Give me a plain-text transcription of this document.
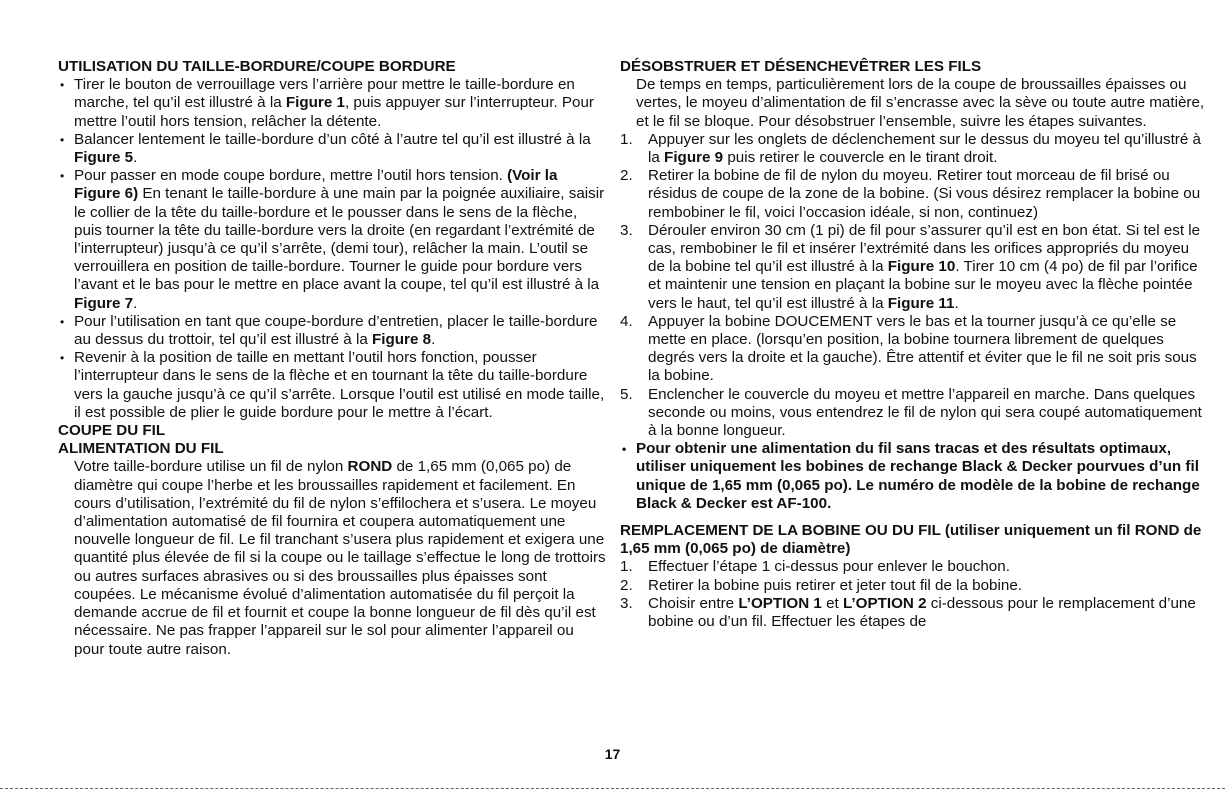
UTILISATION DU TAILLE-BORDURE/COUPE BORDURE
• Tirer le bouton de verrouillage vers l’arrière pour mettre le taille-bordure en marche, tel qu’il est illustré à la Figure 1, puis appuyer sur l’interrupteur. Pour mettre l’outil hors tension, relâcher la détente.
• Balancer lentement le taille-bordure d’un côté à l’autre tel qu’il est illustré à la Figure 5.
• Pour passer en mode coupe bordure, mettre l’outil hors tension. (Voir la Figure 6) En tenant le taille-bordure à une main par la poignée auxiliaire, saisir le collier de la tête du taille-bordure et le pousser dans le sens de la flèche, puis tourner la tête du taille-bordure vers la droite (en regardant l’extrémité de l’interrupteur) jusqu’à ce qu’il s’arrête, (demi tour), relâcher la main. L’outil se verrouillera en position de taille-bordure. Tourner le guide pour bordure vers l’avant et le bas pour le mettre en place avant la coupe, tel qu’il est illustré à la Figure 7.
• Pour l’utilisation en tant que coupe-bordure d’entretien, placer le taille-bordure au dessus du trottoir, tel qu’il est illustré à la Figure 8.
• Revenir à la position de taille en mettant l’outil hors fonction, pousser l’interrupteur dans le sens de la flèche et en tournant la tête du taille-bordure vers la gauche jusqu’à ce qu’il s’arrête. Lorsque l’outil est utilisé en mode taille, il est possible de plier le guide bordure pour le mettre à l’écart.
COUPE DU FIL
ALIMENTATION DU FIL
Votre taille-bordure utilise un fil de nylon ROND de 1,65 mm (0,065 po) de diamètre qui coupe l’herbe et les broussailles rapidement et facilement. En cours d’utilisation, l’extrémité du fil de nylon s’effilochera et s’usera. Le moyeu d’alimentation automatisé de fil fournira et coupera automatiquement une nouvelle longueur de fil. Le fil tranchant s’usera plus rapidement et exigera une quantité plus élevée de fil si la coupe ou le taillage s’effectue le long de trottoirs ou autres surfaces abrasives ou si des broussailles plus épaisses sont coupées. Le mécanisme évolué d’alimentation automatisée du fil perçoit la demande accrue de fil et fournit et coupe la bonne longueur de fil dès qu’il est nécessaire. Ne pas frapper l’appareil sur le sol pour alimenter l’appareil ou pour toute autre raison.
DÉSOBSTRUER ET DÉSENCHEVÊTRER LES FILS
De temps en temps, particulièrement lors de la coupe de broussailles épaisses ou vertes, le moyeu d’alimentation de fil s’encrasse avec la sève ou toute autre matière, et le fil se bloque. Pour désobstruer l’ensemble, suivre les étapes suivantes.
1. Appuyer sur les onglets de déclenchement sur le dessus du moyeu tel qu’illustré à la Figure 9 puis retirer le couvercle en le tirant droit.
2. Retirer la bobine de fil de nylon du moyeu. Retirer tout morceau de fil brisé ou résidus de coupe de la zone de la bobine. (Si vous désirez remplacer la bobine ou rembobiner le fil, voici l’occasion idéale, si non, continuez)
3. Dérouler environ 30 cm (1 pi) de fil pour s’assurer qu’il est en bon état. Si tel est le cas, rembobiner le fil et insérer l’extrémité dans les orifices appropriés du moyeu de la bobine tel qu’il est illustré à la Figure 10. Tirer 10 cm (4 po) de fil par l’orifice et maintenir une tension en plaçant la bobine sur le moyeu avec la flèche pointée vers le haut, tel qu’il est illustré à la Figure 11.
4. Appuyer la bobine DOUCEMENT vers le bas et la tourner jusqu’à ce qu’elle se mette en place. (lorsqu’en position, la bobine tournera librement de quelques degrés vers la droite et la gauche). Être attentif et éviter que le fil ne soit pris sous la bobine.
5. Enclencher le couvercle du moyeu et mettre l’appareil en marche. Dans quelques seconde ou moins, vous entendrez le fil de nylon qui sera coupé automatiquement à la bonne longueur.
• Pour obtenir une alimentation du fil sans tracas et des résultats optimaux, utiliser uniquement les bobines de rechange Black & Decker pourvues d’un fil unique de 1,65 mm (0,065 po). Le numéro de modèle de la bobine de rechange Black & Decker est AF-100.
REMPLACEMENT DE LA BOBINE OU DU FIL (utiliser uniquement un fil ROND de 1,65 mm (0,065 po) de diamètre)
1. Effectuer l’étape 1 ci-dessus pour enlever le bouchon.
2. Retirer la bobine puis retirer et jeter tout fil de la bobine.
3. Choisir entre L’OPTION 1 et L’OPTION 2 ci-dessous pour le remplacement d’une bobine ou d’un fil. Effectuer les étapes de
17
